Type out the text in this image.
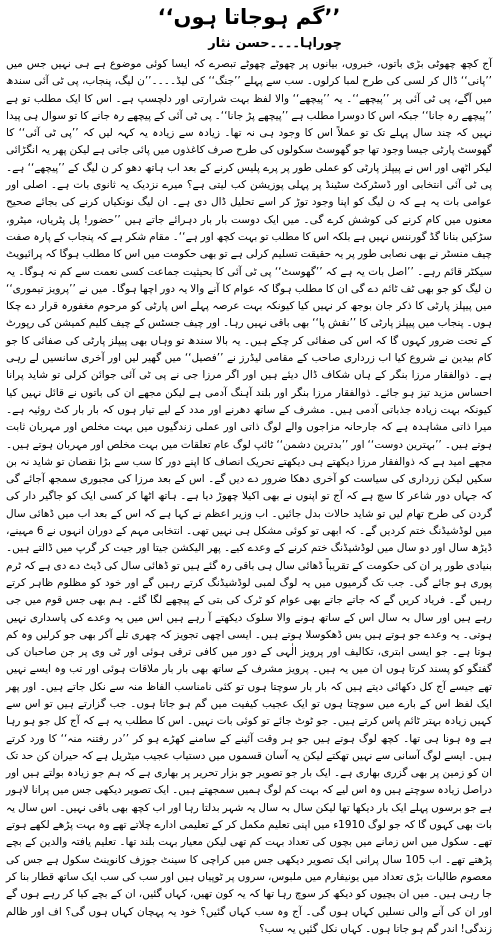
’’گم ہوجاتا ہوں‘‘
چوراہا۔۔۔۔حسن نثار

آج کچھ چھوٹی بڑی باتوں، خبروں، بیانوں پر چھوٹے چھوٹے تبصرے کہ ایسا کوئی موضوع ہے ہی نہیں جس میں ’’پانی‘‘ ڈال کر لسی کی طرح لمبا کرلوں۔ سب سے پہلے ’’جنگ‘‘ کی لیڈ۔۔۔۔’’ن لیگ، پنجاب، پی ٹی آئی سندھ میں آگے، پی ٹی آئی پر ’’پیچھے‘‘۔ یہ ’’پیچھے‘‘ والا لفظ بہت شرارتی اور دلچسپ ہے۔ اس کا ایک مطلب تو ہے ’’پیچھے رہ جانا‘‘ جبکہ اس کا دوسرا مطلب ہے ’’پیچھے پڑ جانا‘‘۔ پی ٹی آئی کے پیچھے رہ جانے کا تو سوال ہی پیدا نہیں کہ چند سال پہلے تک تو عملاً اس کا وجود ہی نہ تھا۔ زیادہ سے زیادہ یہ کہہ لیں کہ ’’پی ٹی آئی‘‘ کا گھوسٹ پارٹی جیسا وجود تھا جو گھوسٹ سکولوں کی طرح صرف کاغذوں میں پائی جاتی ہے لیکن پھر یہ انگڑائی لیکر اٹھی اور اس نے پیپلز پارٹی کو عملی طور پر پرے پلیس کرنے کے بعد اب ہاتھ دھو کر ن لیگ کے ’’پیچھے‘‘ ہے۔ پی ٹی آئی انتخابی اور ڈسٹرکٹ سٹینڈ پر پہلی پوزیشن کب لیتی ہے؟ میرے نزدیک یہ ثانوی بات ہے۔ اصلی اور عوامی بات یہ ہے کہ ن لیگ کو اپنا وجود توڑ کر اسے تحلیل ڈال دی ہے۔ ان لیگ نونکیاں کرنے کی بجائے صحیح معنوں میں کام کرنے کی کوشش کرے گی۔ میں ایک دوست بار بار دہرائے جاتے ہیں ’’حضور! پل پٹریاں، میٹرو، سڑکیں بنانا گڈ گورننس نہیں ہے بلکہ اس کا مطلب تو بہت کچھ اور ہے‘‘۔ مقام شکر ہے کہ پنجاب کے پارہ صفت چیف منسٹر نے بھی نصابی طور پر یہ حقیقت تسلیم کرلی ہے تو بھی حکومت میں اس کا مطلب ہوگا کہ پرائیویٹ سیکٹر قائم رہے۔ ’’اصل بات یہ ہے کہ ’’گھوسٹ‘‘ پی ٹی آئی کا بحیثیت جماعت کسی نعمت سے کم نہ ہوگا۔ یہ ن لیگ کو جو بھی ٹف ٹائم دے گی ان کا مطلب ہوگا کہ عوام کا آنے والا یہ دور اچھا ہوگا۔ میں نے ’’پرویز تیموری‘‘ میں پیپلز پارٹی کا ذکر جان بوجھ کر نہیں کیا کیونکہ بہت عرصہ پہلے اس پارٹی کو مرحوم مغفورہ قرار دے چکا ہوں۔ پنجاب میں پیپلز پارٹی کا ’’نقش پا‘‘ بھی باقی نہیں رہا۔ اور چیف جسٹس کے چیف کلیم کمیشن کی رپورٹ کے تحت ضرور کہوں گا کہ اس کی صفائی کر چکے ہیں۔ یہ بالا سندھ تو وہاں بھی پیپلز پارٹی کی صفائی کا جو کام بیدین نے شروع کیا اب زرداری صاحب کے مقامی لیڈرز نے ’’فصیل‘‘ میں گھیر لیں اور آخری سانسیں لے رہی ہے۔ ذوالفقار مرزا بنگر کے ہاں شکاف ڈال دیئے ہیں اور اگر مرزا جی نے پی ٹی آئی جوائن کرلی تو شاید پرانا احساس مزید تیز ہو جائے۔ ذوالفقار مرزا بنگر اور بلند آہنگ آدمی ہے لیکن مجھے ان کی باتوں نے قائل نہیں کیا کیونکہ بہت زیادہ جذباتی آدمی ہیں۔ مشرف کے ساتھ دھرنے اور مدد کے لیے تیار ہوں کہ بار بار کٹ روئیہ ہے۔ میرا ذاتی مشاہدہ ہے کہ جارحانہ مزاجوں والے لوگ ذاتی اور عملی زندگیوں میں بہت مخلص اور مہربان ثابت ہوتے ہیں۔ ’’بہترین دوست‘‘ اور ’’بدترین دشمن‘‘ ٹائپ لوگ عام تعلقات میں بہت مخلص اور مہربان ہوتے ہیں۔ مجھے امید ہے کہ ذوالفقار مرزا دیکھتے ہی دیکھتے تحریک انصاف کا اپنے دور کا سب سے بڑا نقصان تو شاید نہ بن سکیں لیکن زرداری کی سیاست کو آخری دھکا ضرور دے دیں گے۔ اس کے بعد مرزا کی مجبوری سمجھ آجائے گی کہ جہاں دور شاعر کا سچ ہے کہ آج تو اپنوں نے بھی اکیلا چھوڑ دیا ہے۔ ہاتھ اٹھا کر کسی ایک کو جاگیر دار کی گردن کی طرح تھام لیں تو شاید حالات بدل جائیں۔ اب وزیر اعظم نے کہا ہے کہ اس کے بعد اب میں ڈھائی سال میں لوڈشیڈنگ ختم کردیں گے۔ کہ ابھی تو کوئی مشکل ہی نہیں تھی۔ انتخابی مہم کے دوران انہوں نے 6 مہینے، ڈیڑھ سال اور دو سال میں لوڈشیڈنگ ختم کرنے کے وعدے کیے۔ پھر الیکشن جیتا اور جیت کر گرپ میں ڈالتے ہیں۔ بنیادی طور پر ان کی حکومت کے تقریباً ڈھائی سال ہی باقی رہ گئے ہیں تو ڈھائی سال کی ڈیٹ دے دی ہے کہ ٹرم پوری ہو جائے گی۔ جب تک گرمیوں میں یہ لوگ لمبی لوڈشیڈنگ کرتے رہیں گے اور خود کو مظلوم ظاہر کرتے رہیں گے۔ فریاد کریں گے کہ جاتے جاتے بھی عوام کو ٹرک کی بتی کے پیچھے لگا گئے۔ ہم بھی جس قوم میں جی رہے ہیں اور سال بہ سال اس کے ساتھ ہونے والا سلوک دیکھتے آ رہے ہیں اس میں یہ وعدے کی پاسداری نہیں ہوتی۔ یہ وعدے جو ہوتے ہیں بس ڈھکوسلا ہوتے ہیں۔ ایسی اچھی تجویز کہ چھری تلے آکر بھی جو کرلیں وہ کم ہوتا ہے۔ جو ایسی ابتری، تکالیف اور پرویز الٰہی کے دور میں کافی ترقی ہوئی اور ٹی وی پر جن صاحبان کی گفتگو کو پسند کرتا ہوں ان میں یہ ہیں۔ پرویز مشرف کے ساتھ بھی بار بار ملاقات ہوئی اور تب وہ ایسے نہیں تھے جیسے آج کل دکھائی دیتے ہیں کہ بار بار سوچتا ہوں تو کئی نامناسب الفاظ منہ سے نکل جاتے ہیں۔ اور پھر ایک لفظ اس کے بارے میں سوچتا ہوں تو ایک عجیب کیفیت میں گم ہو جاتا ہوں۔ جب گزارتے ہیں تو اس سے کہیں زیادہ بہتر ٹائم پاس کرتے ہیں۔ جو ٹوٹ جائے تو کوئی بات نہیں۔ اس کا مطلب یہ ہے کہ آج کل جو ہو رہا ہے وہ ہونا ہی تھا۔ کچھ لوگ ہوتے ہیں جو ہر وقت آئینے کے سامنے کھڑے ہو کر ’’در رفتنہ منہ‘‘ کا ورد کرتے ہیں۔ ایسے لوگ آسانی سے نہیں تھکتے لیکن یہ آسان قسموں میں دستیاب عجیب میٹریل ہے کہ حیران کن حد تک ان کو زمین پر بھی گزری بھاری ہے۔ ایک بار جو تصویر جو بزار تحریر پر بھاری ہے کہ ہم جو زیادہ بولتے ہیں اور دراصل زیادہ سوچتے ہیں وہ اس لیے کہ بہت کم لوگ ہمیں سمجھتے ہیں۔ ایک تصویر دیکھی جس میں پرانا لاہور ہے جو برسوں پہلے ایک بار دیکھا تھا لیکن سال بہ سال یہ شہر بدلتا رہا اور اب کچھ بھی باقی نہیں۔ اس سال یہ بات بھی کہوں گا کہ جو لوگ 1910ء میں اپنی تعلیم مکمل کر کے تعلیمی ادارے چلاتے تھے وہ بہت پڑھے لکھے ہوتے تھے۔ سکول میں اس زمانے میں بچوں کی تعداد بہت کم تھی لیکن معیار بہت بلند تھا۔ تعلیم یافتہ والدین کے بچے پڑھتے تھے۔ اب 105 سال پرانی ایک تصویر دیکھی جس میں کراچی کا سینٹ جوزف کانوینٹ سکول ہے جس کی معصوم طالبات بڑی تعداد میں یونیفارم میں ملبوس، سروں پر ٹوپیاں ہیں اور سب کی سب ایک ساتھ قطار بنا کر جا رہی ہیں۔ میں ان بچیوں کو دیکھ کر سوچ رہا تھا کہ یہ کون تھیں، کہاں گئیں، ان کے بچے کیا کر رہے ہوں گے اور ان کی آنے والی نسلیں کہاں ہوں گی۔ آج وہ سب کہاں گئیں؟ خود یہ پہچان کہاں ہوں گی؟ اف اور ظالم زندگی! اندر گم ہو جاتا ہوں۔ کہاں نکل گئیں یہ سب؟
